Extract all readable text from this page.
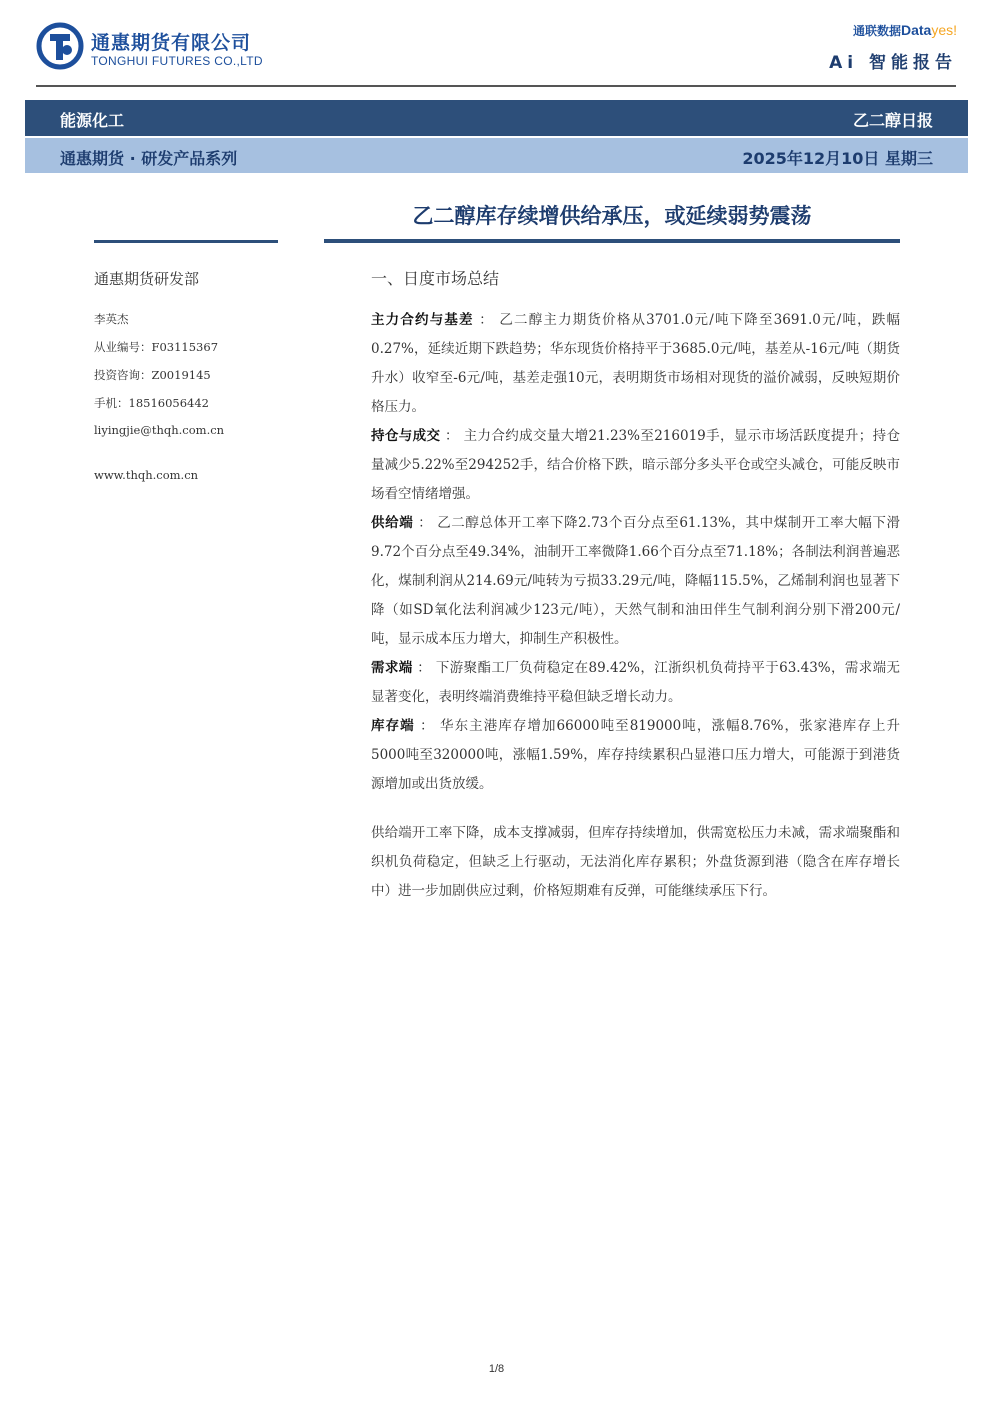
通惠期货有限公司
TONGHUI FUTURES CO.,LTD
通联数据Datayes!
Ai 智能报告
能源化工	乙二醇日报
通惠期货 · 研发产品系列	2025年12月10日 星期三
乙二醇库存续增供给承压，或延续弱势震荡
通惠期货研发部
李英杰
从业编号：F03115367
投资咨询：Z0019145
手机：18516056442
liyingjie@thqh.com.cn
www.thqh.com.cn
一、日度市场总结

主力合约与基差 ： 乙二醇主力期货价格从3701.0元/吨下降至3691.0元/吨，跌幅0.27%，延续近期下跌趋势；华东现货价格持平于3685.0元/吨，基差从-16元/吨（期货升水）收窄至-6元/吨，基差走强10元，表明期货市场相对现货的溢价减弱，反映短期价格压力。

持仓与成交 ： 主力合约成交量大增21.23%至216019手，显示市场活跃度提升；持仓量减少5.22%至294252手，结合价格下跌，暗示部分多头平仓或空头减仓，可能反映市场看空情绪增强。

供给端 ： 乙二醇总体开工率下降2.73个百分点至61.13%，其中煤制开工率大幅下滑9.72个百分点至49.34%，油制开工率微降1.66个百分点至71.18%；各制法利润普遍恶化，煤制利润从214.69元/吨转为亏损33.29元/吨，降幅115.5%，乙烯制利润也显著下降（如SD氧化法利润减少123元/吨），天然气制和油田伴生气制利润分别下滑200元/吨，显示成本压力增大，抑制生产积极性。

需求端 ： 下游聚酯工厂负荷稳定在89.42%，江浙织机负荷持平于63.43%，需求端无显著变化，表明终端消费维持平稳但缺乏增长动力。

库存端 ： 华东主港库存增加66000吨至819000吨，涨幅8.76%，张家港库存上升5000吨至320000吨，涨幅1.59%，库存持续累积凸显港口压力增大，可能源于到港货源增加或出货放缓。

供给端开工率下降，成本支撑减弱，但库存持续增加，供需宽松压力未减，需求端聚酯和织机负荷稳定，但缺乏上行驱动，无法消化库存累积；外盘货源到港（隐含在库存增长中）进一步加剧供应过剩，价格短期难有反弹，可能继续承压下行。

1/8
